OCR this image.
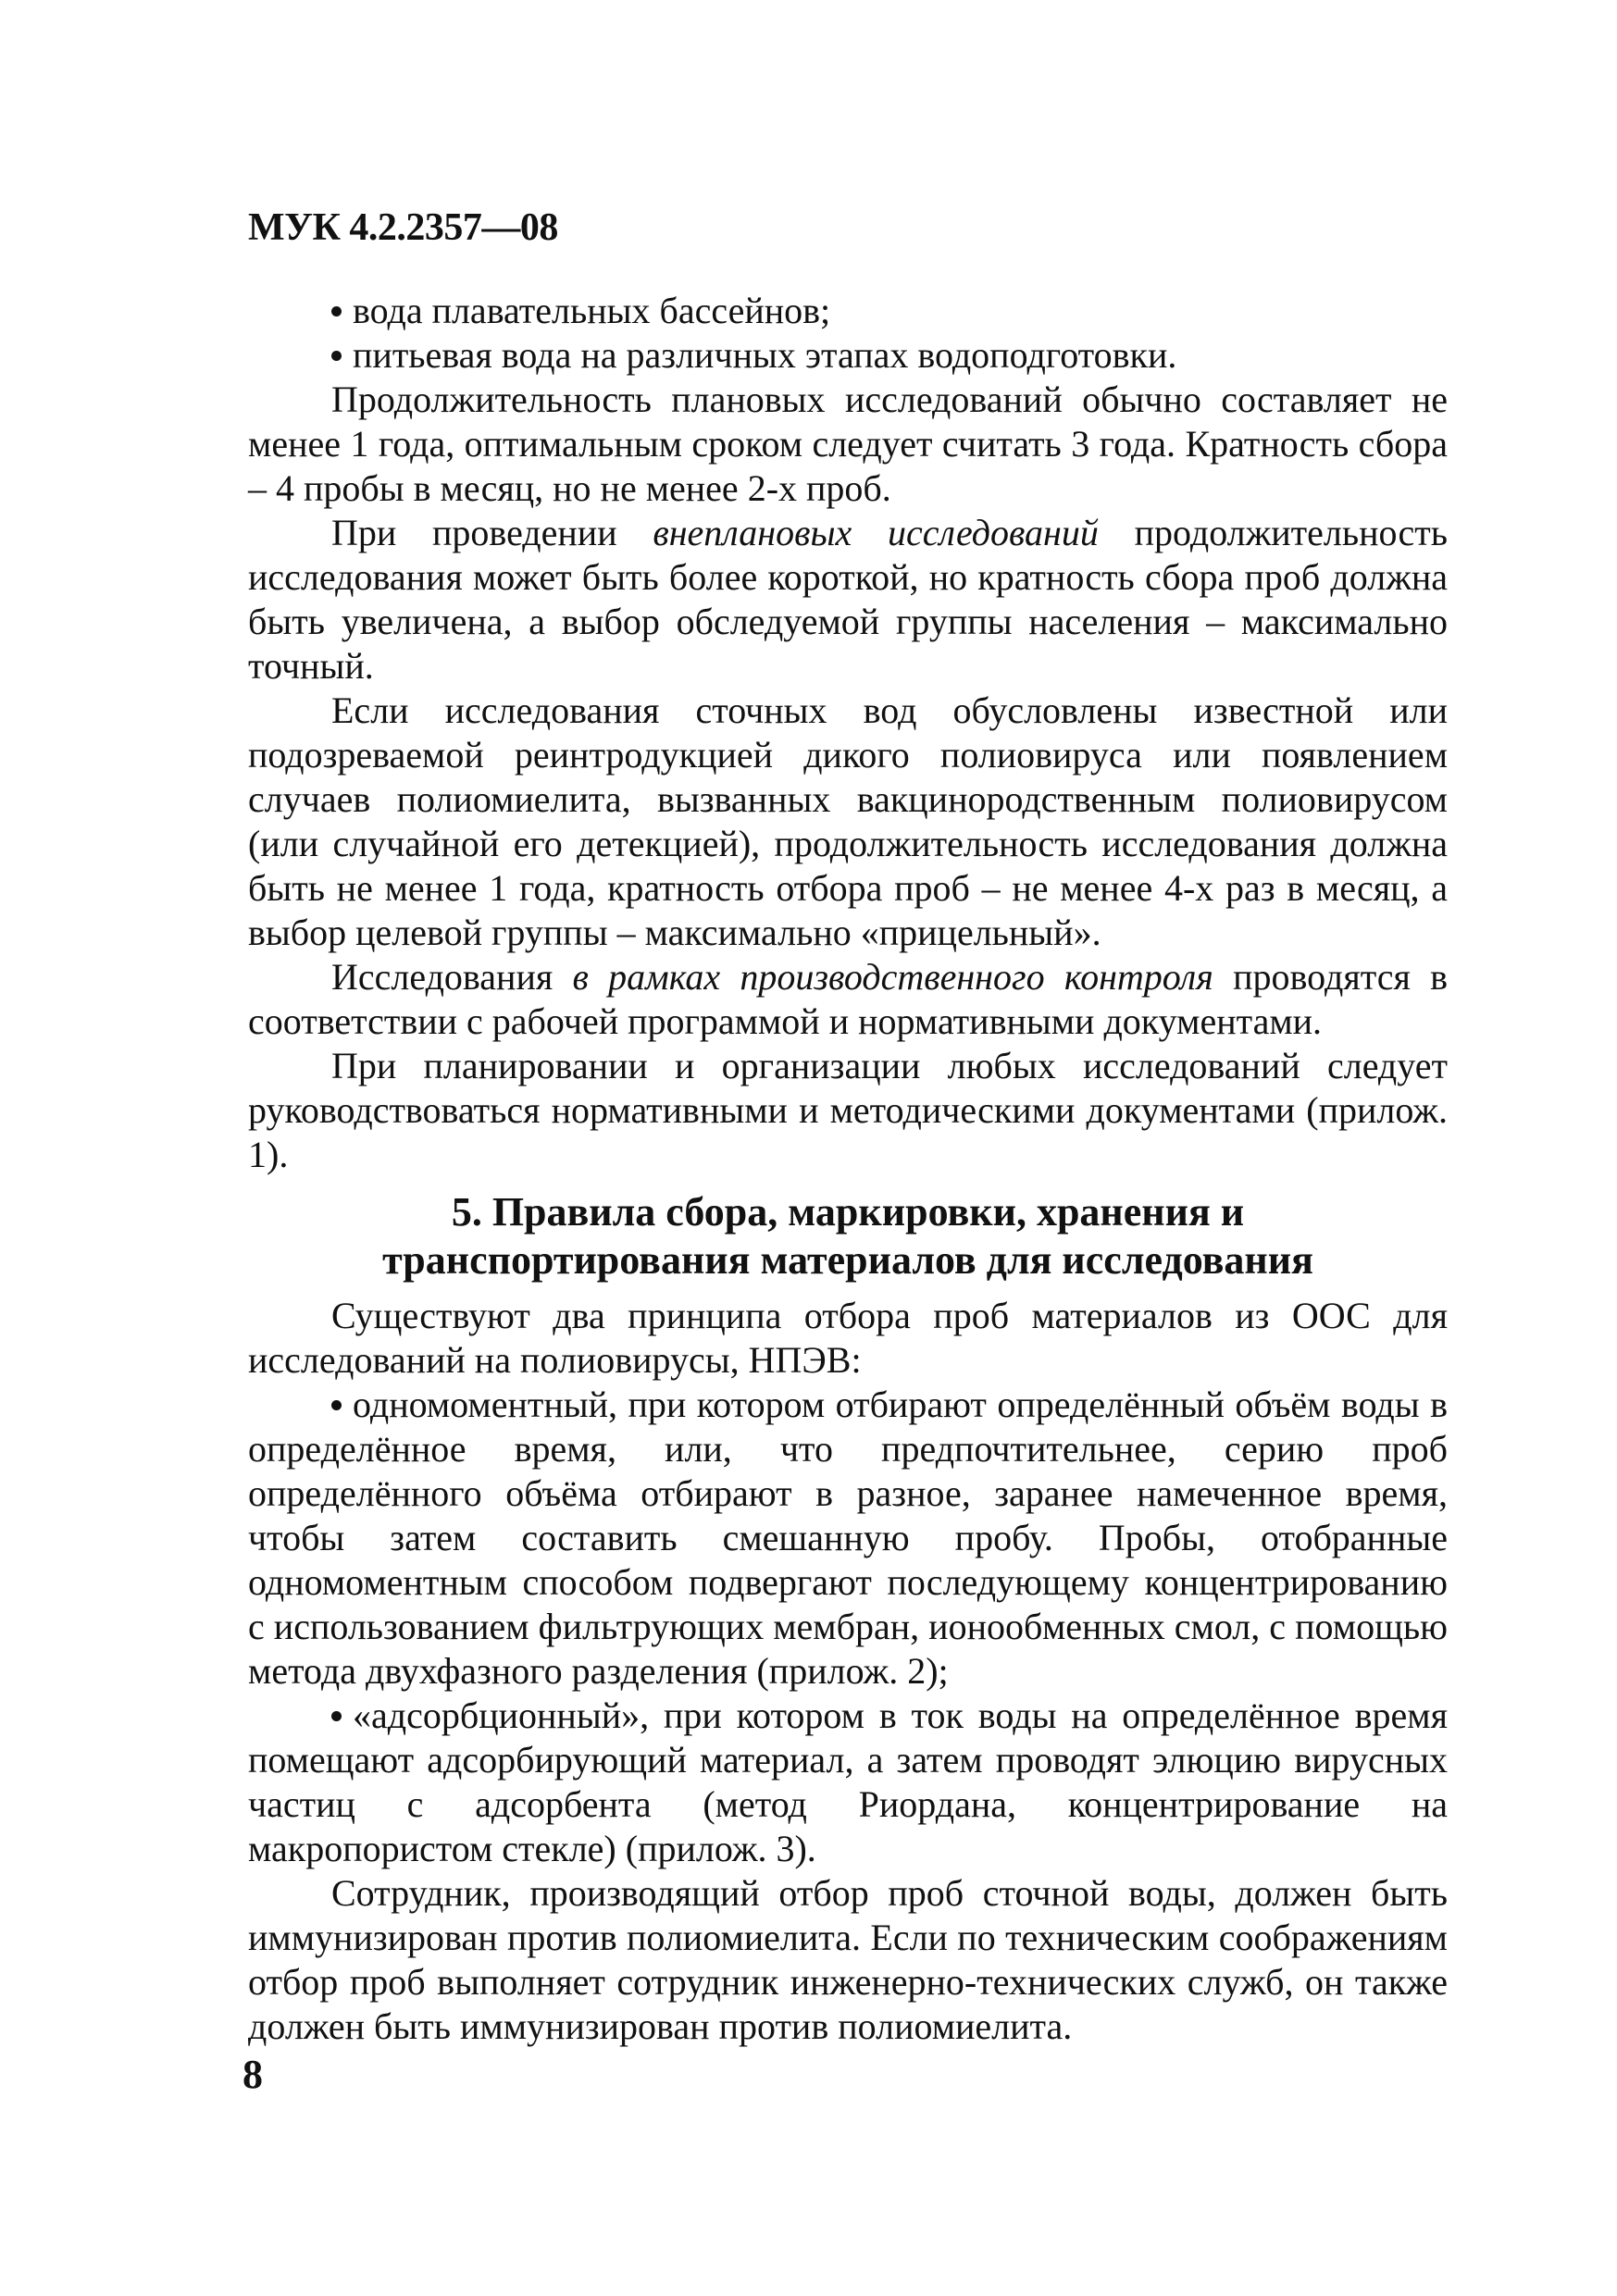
МУК 4.2.2357—08

вода плавательных бассейнов;

питьевая вода на различных этапах водоподготовки.

Продолжительность плановых исследований обычно составляет не менее 1 года, оптимальным сроком следует считать 3 года. Кратность сбора – 4 пробы в месяц, но не менее 2-х проб.

При проведении внеплановых исследований продолжительность исследования может быть более короткой, но кратность сбора проб должна быть увеличена, а выбор обследуемой группы населения – максимально точный.

Если исследования сточных вод обусловлены известной или подозреваемой реинтродукцией дикого полиовируса или появлением случаев полиомиелита, вызванных вакцинородственным полиовирусом (или случайной его детекцией), продолжительность исследования должна быть не менее 1 года, кратность отбора проб – не менее 4-х раз в месяц, а выбор целевой группы – максимально «прицельный».

Исследования в рамках производственного контроля проводятся в соответствии с рабочей программой и нормативными документами.

При планировании и организации любых исследований следует руководствоваться нормативными и методическими документами (прилож. 1).

5. Правила сбора, маркировки, хранения и
транспортирования материалов для исследования

Существуют два принципа отбора проб материалов из ООС для исследований на полиовирусы, НПЭВ:

одномоментный, при котором отбирают определённый объём воды в определённое время, или, что предпочтительнее, серию проб определённого объёма отбирают в разное, заранее намеченное время, чтобы затем составить смешанную пробу. Пробы, отобранные одномоментным способом подвергают последующему концентрированию с использованием фильтрующих мембран, ионообменных смол, с помощью метода двухфазного разделения (прилож. 2);

«адсорбционный», при котором в ток воды на определённое время помещают адсорбирующий материал, а затем проводят элюцию вирусных частиц с адсорбента (метод Риордана, концентрирование на макропористом стекле) (прилож. 3).

Сотрудник, производящий отбор проб сточной воды, должен быть иммунизирован против полиомиелита. Если по техническим соображениям отбор проб выполняет сотрудник инженерно-технических служб, он также должен быть иммунизирован против полиомиелита.

8
